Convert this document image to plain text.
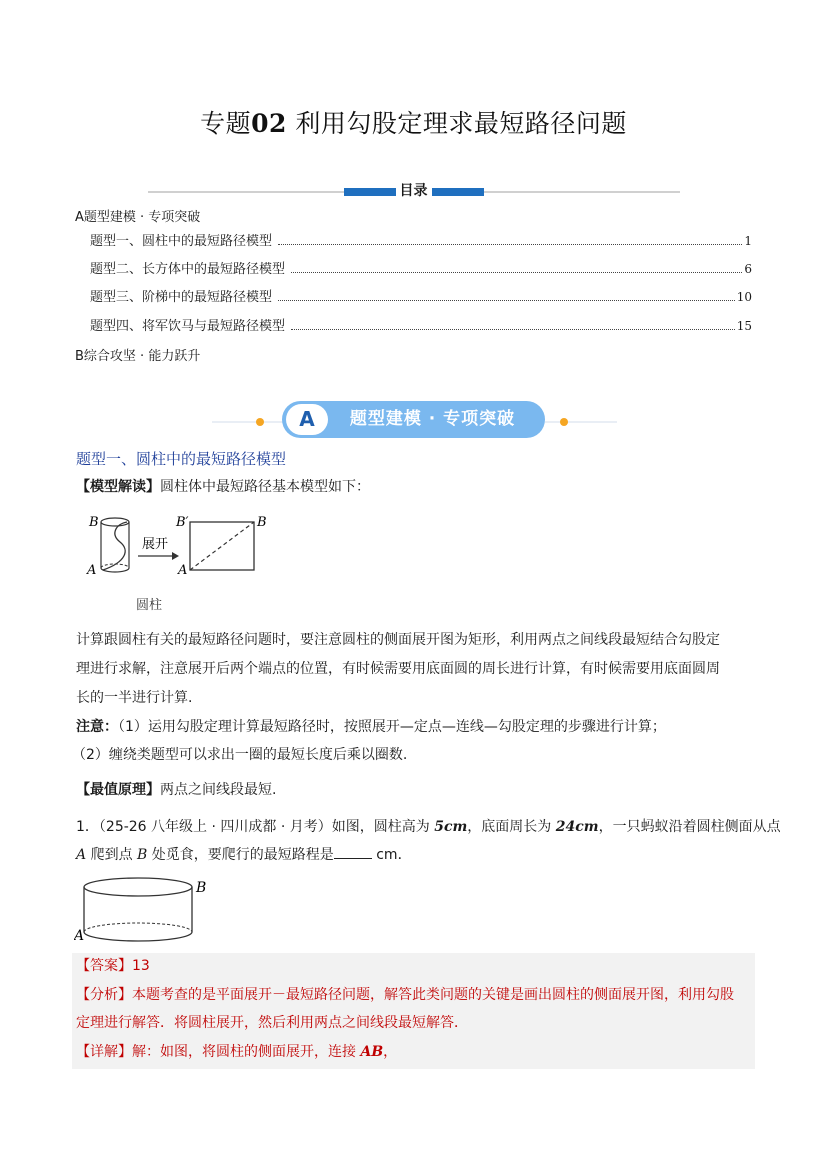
专题02 利用勾股定理求最短路径问题
目录
A题型建模 · 专项突破
题型一、圆柱中的最短路径模型	1
题型二、长方体中的最短路径模型	6
题型三、阶梯中的最短路径模型	10
题型四、将军饮马与最短路径模型	15
B综合攻坚 · 能力跃升
A	题型建模 · 专项突破
题型一、圆柱中的最短路径模型
【模型解读】圆柱体中最短路径基本模型如下：
B
A
展开
B′	B
A
圆柱
计算跟圆柱有关的最短路径问题时，要注意圆柱的侧面展开图为矩形，利用两点之间线段最短结合勾股定
理进行求解，注意展开后两个端点的位置，有时候需要用底面圆的周长进行计算，有时候需要用底面圆周
长的一半进行计算.
注意：（1）运用勾股定理计算最短路径时，按照展开—定点—连线—勾股定理的步骤进行计算；
（2）缠绕类题型可以求出一圈的最短长度后乘以圈数.
【最值原理】两点之间线段最短.
1．（25-26 八年级上 · 四川成都 · 月考）如图，圆柱高为 5cm，底面周长为 24cm，一只蚂蚁沿着圆柱侧面从点
A 爬到点 B 处觅食，要爬行的最短路程是	cm．
B
A
【答案】13
【分析】本题考查的是平面展开－最短路径问题，解答此类问题的关键是画出圆柱的侧面展开图，利用勾股
定理进行解答．将圆柱展开，然后利用两点之间线段最短解答．
【详解】解：如图，将圆柱的侧面展开，连接 AB，
